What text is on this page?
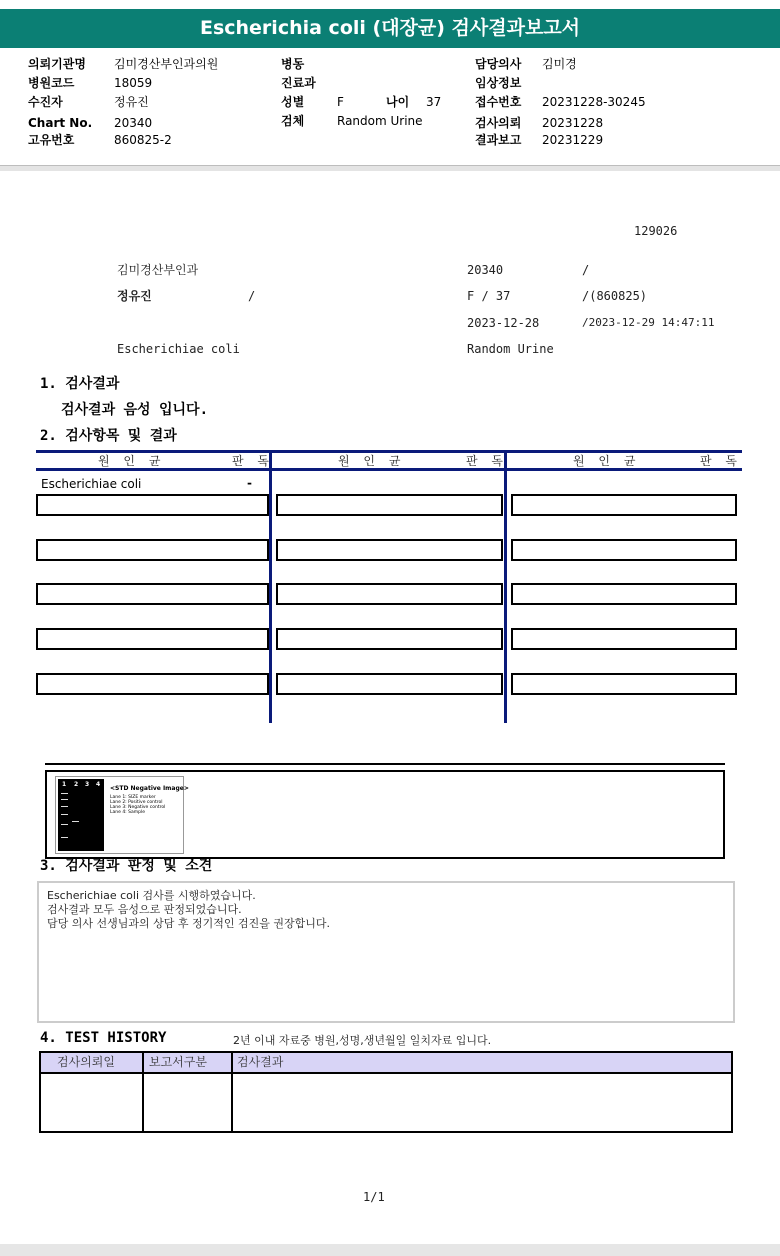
Escherichia coli (대장균) 검사결과보고서
의뢰기관명 김미경산부인과의원
병원코드	18059
수진자	정유진
Chart No. 20340
고유번호	860825-2
병동
진료과
성별	F	나이 37
검체	Random Urine
담당의사 김미경
임상정보
접수번호 20231228-30245
검사의뢰 20231228
결과보고 20231229
129026
김미경산부인과	20340	/
정유진	/	F / 37	/(860825)
2023-12-28	/2023-12-29 14:47:11
Escherichiae coli	Random Urine
1. 검사결과
검사결과 음성 입니다.
2. 검사항목 및 결과
원 인 균	판 독	원 인 균	판 독	원 인 균	판 독
Escherichiae coli	-
1 2 3 4
<STD Negative Image>
Lane 1: SIZE marker
Lane 2: Positive control
Lane 3: Negative control
Lane 4: Sample
3. 검사결과 판정 및 소견
Escherichiae coli 검사를 시행하였습니다.
검사결과 모두 음성으로 판정되었습니다.
담당 의사 선생님과의 상담 후 정기적인 검진을 권장합니다.
4. TEST HISTORY	2년 이내 자료중 병원,성명,생년월일 일치자료 입니다.
검사의뢰일	보고서구분	검사결과
1/1
